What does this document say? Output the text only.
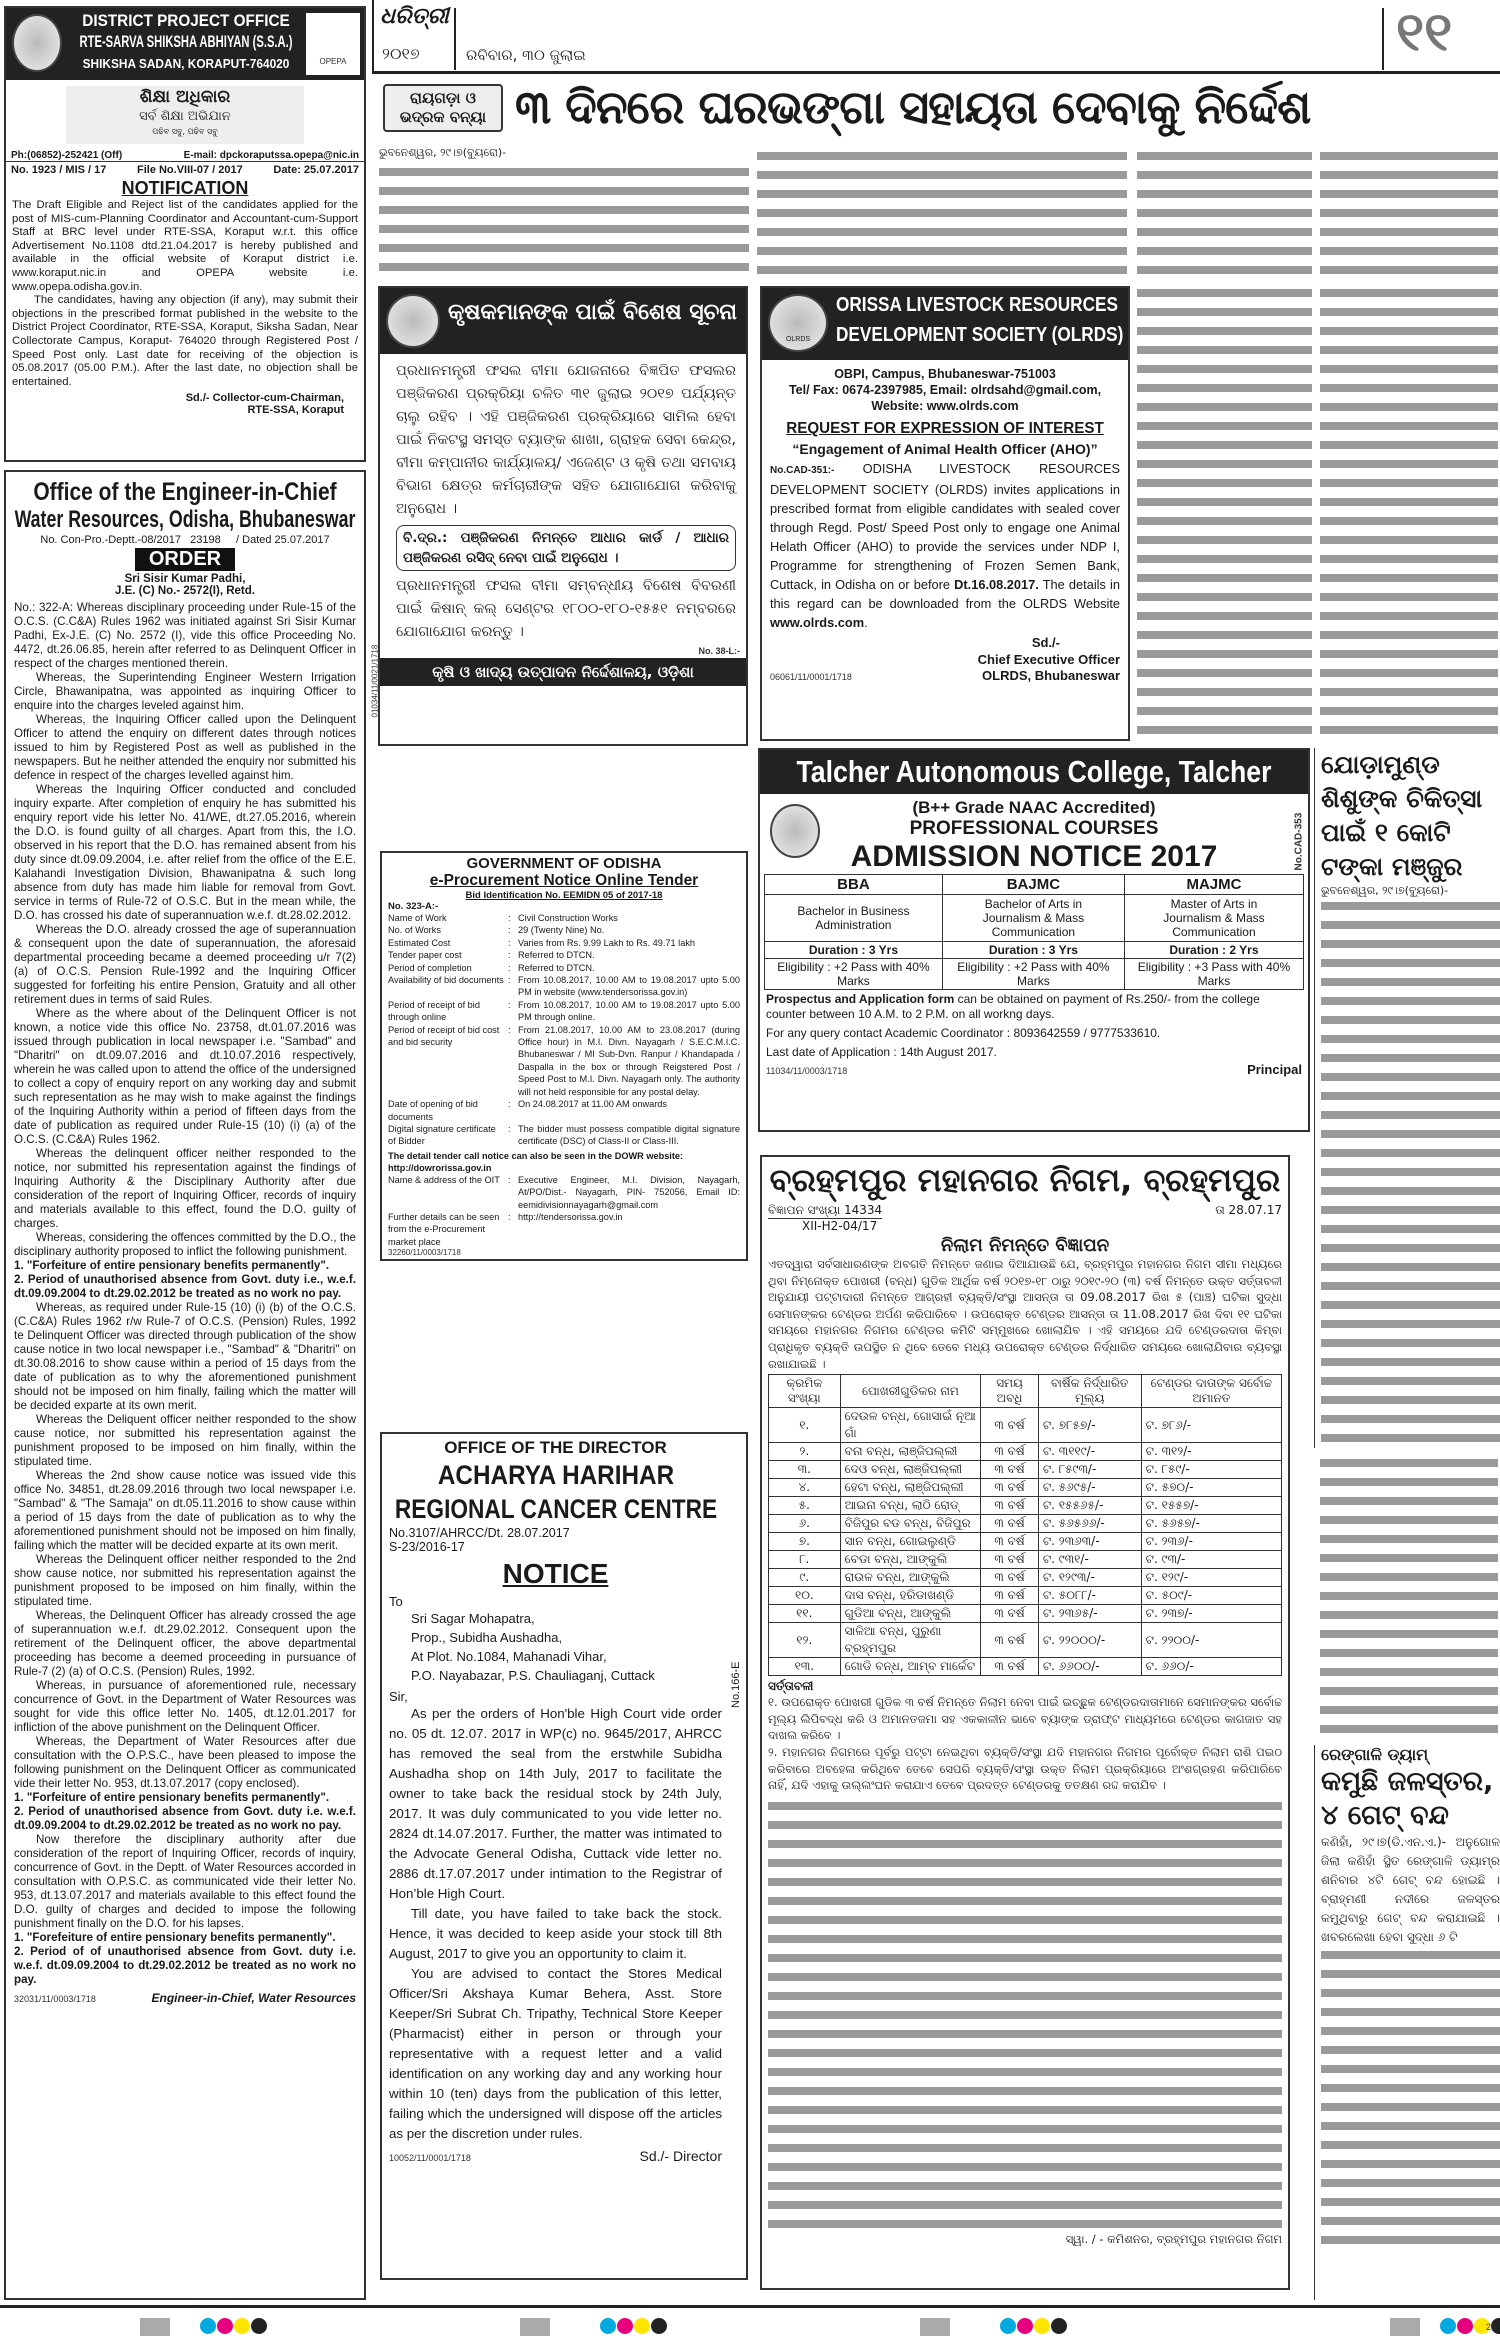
DISTRICT PROJECT OFFICE
RTE-SARVA SHIKSHA ABHIYAN (S.S.A.)
SHIKSHA SADAN, KORAPUT-764020	OPEPA
ଶିକ୍ଷା ଅଧିକାର
ସର୍ବ ଶିକ୍ଷା ଅଭିଯାନ
ପଢିବ ସବୁ, ପଢିବ ସବୁ
Ph:(06852)-252421 (Off)	E-mail: dpckoraputssa.opepa@nic.in
No. 1923 / MIS / 17	File No.VIII-07 / 2017	Date: 25.07.2017
NOTIFICATION

The Draft Eligible and Reject list of the candidates applied for the post of MIS-cum-Planning Coordinator and Accountant-cum-Support Staff at BRC level under RTE-SSA, Koraput w.r.t. this office Advertisement No.1108 dtd.21.04.2017 is hereby published and available in the official website of Koraput district i.e. www.koraput.nic.in and OPEPA website i.e. www.opepa.odisha.gov.in.

The candidates, having any objection (if any), may submit their objections in the prescribed format published in the website to the District Project Coordinator, RTE-SSA, Koraput, Siksha Sadan, Near Collectorate Campus, Koraput- 764020 through Registered Post / Speed Post only. Last date for receiving of the objection is 05.08.2017 (05.00 P.M.). After the last date, no objection shall be entertained.

Sd./- Collector-cum-Chairman,
RTE-SSA, Koraput
Office of the Engineer-in-Chief
Water Resources, Odisha, Bhubaneswar
No. Con-Pro.-Deptt.-08/2017   23198     / Dated 25.07.2017
ORDER
Sri Sisir Kumar Padhi,
J.E. (C) No.- 2572(I), Retd.

No.: 322-A: Whereas disciplinary proceeding under Rule-15 of the O.C.S. (C.C&A) Rules 1962 was initiated against Sri Sisir Kumar Padhi, Ex-J.E. (C) No. 2572 (I), vide this office Proceeding No. 4472, dt.26.06.85, herein after referred to as Delinquent Officer in respect of the charges mentioned therein.

Whereas, the Superintending Engineer Western Irrigation Circle, Bhawanipatna, was appointed as inquiring Officer to enquire into the charges leveled against him.

Whereas, the Inquiring Officer called upon the Delinquent Officer to attend the enquiry on different dates through notices issued to him by Registered Post as well as published in the newspapers. But he neither attended the enquiry nor submitted his defence in respect of the charges levelled against him.

Whereas the Inquiring Officer conducted and concluded inquiry exparte. After completion of enquiry he has submitted his enquiry report vide his letter No. 41/WE, dt.27.05.2016, wherein the D.O. is found guilty of all charges. Apart from this, the I.O. observed in his report that the D.O. has remained absent from his duty since dt.09.09.2004, i.e. after relief from the office of the E.E. Kalahandi Investigation Division, Bhawanipatna & such long absence from duty has made him liable for removal from Govt. service in terms of Rule-72 of O.S.C. But in the mean while, the D.O. has crossed his date of superannuation w.e.f. dt.28.02.2012.

Whereas the D.O. already crossed the age of superannuation & consequent upon the date of superannuation, the aforesaid departmental proceeding became a deemed proceeding u/r 7(2) (a) of O.C.S. Pension Rule-1992 and the Inquiring Officer suggested for forfeiting his entire Pension, Gratuity and all other retirement dues in terms of said Rules.

Where as the where about of the Delinquent Officer is not known, a notice vide this office No. 23758, dt.01.07.2016 was issued through publication in local newspaper i.e. "Sambad" and "Dharitri" on dt.09.07.2016 and dt.10.07.2016 respectively, wherein he was called upon to attend the office of the undersigned to collect a copy of enquiry report on any working day and submit such representation as he may wish to make against the findings of the Inquiring Authority within a period of fifteen days from the date of publication as required under Rule-15 (10) (i) (a) of the O.C.S. (C.C&A) Rules 1962.

Whereas the delinquent officer neither responded to the notice, nor submitted his representation against the findings of Inquiring Authority & the Disciplinary Authority after due consideration of the report of Inquiring Officer, records of inquiry and materials available to this effect, found the D.O. guilty of charges.

Whereas, considering the offences committed by the D.O., the disciplinary authority proposed to inflict the following punishment.

1. "Forfeiture of entire pensionary benefits permanently".

2. Period of unauthorised absence from Govt. duty i.e., w.e.f. dt.09.09.2004 to dt.29.02.2012 be treated as no work no pay.

Whereas, as required under Rule-15 (10) (i) (b) of the O.C.S. (C.C&A) Rules 1962 r/w Rule-7 of O.C.S. (Pension) Rules, 1992 te Delinquent Officer was directed through publication of the show cause notice in two local newspaper i.e., "Sambad" & "Dharitri" on dt.30.08.2016 to show cause within a period of 15 days from the date of publication as to why the aforementioned punishment should not be imposed on him finally, failing which the matter will be decided exparte at its own merit.

Whereas the Deliquent officer neither responded to the show cause notice, nor submitted his representation against the punishment proposed to be imposed on him finally, within the stipulated time.

Whereas the 2nd show cause notice was issued vide this office No. 34851, dt.28.09.2016 through two local newspaper i.e. "Sambad" & "The Samaja" on dt.05.11.2016 to show cause within a period of 15 days from the date of publication as to why the aforementioned punishment should not be imposed on him finally, failing which the matter will be decided exparte at its own merit.

Whereas the Delinquent officer neither responded to the 2nd show cause notice, nor submitted his representation against the punishment proposed to be imposed on him finally, within the stipulated time.

Whereas, the Delinquent Officer has already crossed the age of superannuation w.e.f. dt.29.02.2012. Consequent upon the retirement of the Delinquent officer, the above departmental proceeding has become a deemed proceeding in pursuance of Rule-7 (2) (a) of O.C.S. (Pension) Rules, 1992.

Whereas, in pursuance of aforementioned rule, necessary concurrence of Govt. in the Department of Water Resources was sought for vide this office letter No. 1405, dt.12.01.2017 for infliction of the above punishment on the Delinquent Officer.

Whereas, the Department of Water Resources after due consultation with the O.P.S.C., have been pleased to impose the following punishment on the Delinquent Officer as communicated vide their letter No. 953, dt.13.07.2017 (copy enclosed).

1. "Forfeiture of entire pensionary benefits permanently".

2. Period of unauthorised absence from Govt. duty i.e. w.e.f. dt.09.09.2004 to dt.29.02.2012 be treated as no work no pay.

Now therefore the disciplinary authority after due consideration of the report of Inquiring Officer, records of inquiry, concurrence of Govt. in the Deptt. of Water Resources accorded in consultation with O.P.S.C. as communicated vide their letter No. 953, dt.13.07.2017 and materials available to this effect found the D.O. guilty of charges and decided to impose the following punishment finally on the D.O. for his lapses.

1. "Forefeiture of entire pensionary benefits permanently".

2. Period of of unauthorised absence from Govt. duty i.e. w.e.f. dt.09.09.2004 to dt.29.02.2012 be treated as no work no pay.

32031/11/0003/1718	Engineer-in-Chief, Water Resources
ଧରିତ୍ରୀ
୨୦୧୭	ରବିବାର, ୩୦ ଜୁଲାଇ	୧୧
ରାୟଗଡ଼ା ଓ ଭଦ୍ରକ ବନ୍ୟା ୩ ଦିନରେ ଘରଭଙ୍ଗା ସହାୟତା ଦେବାକୁ ନିର୍ଦ୍ଦେଶ
ଭୁବନେଶ୍ୱର, ୨୯।୭(ବ୍ୟୁରୋ)-
କୃଷକମାନଙ୍କ ପାଇଁ ବିଶେଷ ସୂଚନା

ପ୍ରଧାନମନ୍ତ୍ରୀ ଫସଲ ବୀମା ଯୋଜନାରେ ବିଜ୍ଞପିତ ଫସଲର ପଞ୍ଜିକରଣ ପ୍ରକ୍ରିୟା ଚଳିତ ୩୧ ଜୁଲାଇ ୨୦୧୭ ପର୍ଯ୍ୟନ୍ତ ଚାଲୁ ରହିବ । ଏହି ପଞ୍ଜିକରଣ ପ୍ରକ୍ରିୟାରେ ସାମିଲ ହେବା ପାଇଁ ନିକଟସ୍ଥ ସମସ୍ତ ବ୍ୟାଙ୍କ ଶାଖା, ଗ୍ରାହକ ସେବା କେନ୍ଦ୍ର, ବୀମା କମ୍ପାନୀର କାର୍ଯ୍ୟାଳୟ/ ଏଜେଣ୍ଟ ଓ କୃଷି ତଥା ସମବାୟ ବିଭାଗ କ୍ଷେତ୍ର କର୍ମଚାରୀଙ୍କ ସହିତ ଯୋଗାଯୋଗ କରିବାକୁ ଅନୁରୋଧ ।

ବି.ଦ୍ର.: ପଞ୍ଜିକରଣ ନିମନ୍ତେ ଆଧାର କାର୍ଡ / ଆଧାର ପଞ୍ଜିକରଣ ରସିଦ୍ ନେବା ପାଇଁ ଅନୁରୋଧ ।

ପ୍ରଧାନମନ୍ତ୍ରୀ ଫସଲ ବୀମା ସମ୍ବନ୍ଧୀୟ ବିଶେଷ ବିବରଣୀ ପାଇଁ କିଷାନ୍ କଲ୍ ସେଣ୍ଟର ୧୮୦୦-୧୮୦-୧୫୫୧ ନମ୍ବରରେ ଯୋଗାଯୋଗ କରନ୍ତୁ ।

No. 38-L:-
କୃଷି ଓ ଖାଦ୍ୟ ଉତ୍ପାଦନ ନିର୍ଦ୍ଦେଶାଳୟ, ଓଡ଼ିଶା
01034/11/0021/1718
OLRDS
ORISSA LIVESTOCK RESOURCES
DEVELOPMENT SOCIETY (OLRDS)
OBPI, Campus, Bhubaneswar-751003
Tel/ Fax: 0674-2397985, Email: olrdsahd@gmail.com,
Website: www.olrds.com
REQUEST FOR EXPRESSION OF INTEREST
“Engagement of Animal Health Officer (AHO)”

No.CAD-351:- ODISHA LIVESTOCK RESOURCES DEVELOPMENT SOCIETY (OLRDS) invites applications in prescribed format from eligible candidates with sealed cover through Regd. Post/ Speed Post only to engage one Animal Helath Officer (AHO) to provide the services under NDP I, Programme for strengthening of Frozen Semen Bank, Cuttack, in Odisha on or before Dt.16.08.2017. The details in this regard can be downloaded from the OLRDS Website www.olrds.com.

Sd./-
Chief Executive Officer
06061/11/0001/1718	OLRDS, Bhubaneswar
GOVERNMENT OF ODISHA
e-Procurement Notice Online Tender
Bid Identification No. EEMIDN 05 of 2017-18
No. 323-A:-
Name of Work	: Civil Construction Works
No. of Works	: 29 (Twenty Nine) No.
Estimated Cost	: Varies from Rs. 9.99 Lakh to Rs. 49.71 lakh
Tender paper cost	: Referred to DTCN.
Period of completion	: Referred to DTCN.
Availability of bid documents : From 10.08.2017, 10.00 AM to 19.08.2017 upto 5.00 PM in website (www.tendersorissa.gov.in)
Period of receipt of bid through online
: From 10.08.2017, 10.00 AM to 19.08.2017 upto 5.00 PM through online.
Period of receipt of bid cost and bid security
: From 21.08.2017, 10.00 AM to 23.08.2017 (during Office hour) in M.I. Divn. Nayagarh / S.E.C.M.I.C. Bhubaneswar / MI Sub-Dvn. Ranpur / Khandapada / Daspalla in the box or through Reigstered Post / Speed Post to M.I. Divn. Nayagarh only. The authority will not held responsible for any postal delay.
Date of opening of bid documents
: On 24.08.2017 at 11.00 AM onwards
Digital signature certificate of Bidder
: The bidder must possess compatible digital signature certificate (DSC) of Class-II or Class-III.
The detail tender call notice can also be seen in the DOWR website: http://dowrorissa.gov.in
Name & address of the OIT : Executive Engineer, M.I. Division, Nayagarh, At/PO/Dist.- Nayagarh, PIN- 752056, Email ID: eemidivisionnayagarh@gmail.com
Further details can be seen from the e-Procurement market place
: http://tendersorissa.gov.in
32260/11/0003/1718
OFFICE OF THE DIRECTOR
ACHARYA HARIHAR
REGIONAL CANCER CENTRE
No.3107/AHRCC/Dt. 28.07.2017
S-23/2016-17
NOTICE
No.166-E
To
Sri Sagar Mohapatra,
Prop., Subidha Aushadha,
At Plot. No.1084, Mahanadi Vihar,
P.O. Nayabazar, P.S. Chauliaganj, Cuttack
Sir,

As per the orders of Hon'ble High Court vide order no. 05 dt. 12.07. 2017 in WP(c) no. 9645/2017, AHRCC has removed the seal from the erstwhile Subidha Aushadha shop on 14th July, 2017 to facilitate the owner to take back the residual stock by 24th July, 2017. It was duly communicated to you vide letter no. 2824 dt.14.07.2017. Further, the matter was intimated to the Advocate General Odisha, Cuttack vide letter no. 2886 dt.17.07.2017 under intimation to the Registrar of Hon’ble High Court.

Till date, you have failed to take back the stock. Hence, it was decided to keep aside your stock till 8th August, 2017 to give you an opportunity to claim it.

You are advised to contact the Stores Medical Officer/Sri Akshaya Kumar Behera, Asst. Store Keeper/Sri Subrat Ch. Tripathy, Technical Store Keeper (Pharmacist) either in person or through your representative with a request letter and a valid identification on any working day and any working hour within 10 (ten) days from the publication of this letter, failing which the undersigned will dispose off the articles as per the discretion under rules.

10052/11/0001/1718	Sd./- Director
Talcher Autonomous College, Talcher
No.CAD-353
(B++ Grade NAAC Accredited)
PROFESSIONAL COURSES
ADMISSION NOTICE 2017
BBA	BAJMC	MAJMC
Bachelor in Business Administration	Bachelor of Arts in Journalism & Mass Communication	Master of Arts in Journalism & Mass Communication
Duration : 3 Yrs	Duration : 3 Yrs	Duration : 2 Yrs
Eligibility : +2 Pass with 40% Marks	Eligibility : +2 Pass with 40% Marks	Eligibility : +3 Pass with 40% Marks

Prospectus and Application form can be obtained on payment of Rs.250/- from the college counter between 10 A.M. to 2 P.M. on all workng days.

For any query contact Academic Coordinator : 8093642559 / 9777533610.

Last date of Application : 14th August 2017.

11034/11/0003/1718	Principal
ବ୍ରହ୍ମପୁର ମହାନଗର ନିଗମ, ବ୍ରହ୍ମପୁର
ବିଜ୍ଞାପନ ସଂଖ୍ୟା 14334
XII-H2-04/17
ତା 28.07.17
ନିଲାମ ନିମନ୍ତେ ବିଜ୍ଞାପନ

ଏତଦ୍ୱାରା ସର୍ବସାଧାରଣଙ୍କ ଅବଗତି ନିମନ୍ତେ ଜଣାଇ ଦିଆଯାଉଛି ଯେ, ବ୍ରହ୍ମପୁର ମହାନଗର ନିଗମ ସୀମା ମଧ୍ୟରେ ଥିବା ନିମ୍ନୋକ୍ତ ପୋଖରୀ (ବନ୍ଧ) ଗୁଡିକ ଆର୍ଥିକ ବର୍ଷ ୨୦୧୭-୧୮ ଠାରୁ ୨୦୧୯-୨୦ (୩) ବର୍ଷ ନିମନ୍ତେ ଉକ୍ତ ସର୍ତ୍ତାବଳୀ ଅନୁଯାୟୀ ପଟ୍ଟାଦାରୀ ନିମନ୍ତେ ଆଗ୍ରହୀ ବ୍ୟକ୍ତି/ସଂସ୍ଥା ଆସନ୍ତା ତା 09.08.2017 ରିଖ ୫ (ପାଞ୍ଚ) ଘଟିକା ସୁଦ୍ଧା ସେମାନଙ୍କର ଟେଣ୍ଡର ଅର୍ପଣ କରିପାରିବେ । ଉପରୋକ୍ତ ଟେଣ୍ଡର ଆସନ୍ତା ତା 11.08.2017 ରିଖ ଦିବା ୧୧ ଘଟିକା ସମୟରେ ମହାନଗର ନିଗମର ଟେଣ୍ଡର କମିଟି ସମ୍ମୁଖରେ ଖୋଲାଯିବ । ଏହି ସମୟରେ ଯଦି ଟେଣ୍ଡରଦାତା କିମ୍ବା ପ୍ରାଧିକୃତ ବ୍ୟକ୍ତି ଉପସ୍ଥିତ ନ ଥିବେ ତେବେ ମଧ୍ୟ ଉପରୋକ୍ତ ଟେଣ୍ଡର ନିର୍ଦ୍ଧାରିତ ସମୟରେ ଖୋଲାଯିବାର ବ୍ୟବସ୍ଥା ରଖାଯାଇଛି ।

କ୍ରମିକ ସଂଖ୍ୟା	ପୋଖରୀଗୁଡିକର ନାମ	ସମୟ ଅବଧି	ବାର୍ଷିକ ନିର୍ଦ୍ଧାରିତ ମୂଲ୍ୟ	ଟେଣ୍ଡର ଦାତାଙ୍କ ସର୍ବୋଚ୍ଚ ଅମାନତ
୧.	ଦେଉଳ ବନ୍ଧ, ଗୋସାଇଁ ନୂଆ ଗାଁ	୩ ବର୍ଷ	ଟ. ୭୮୫୭/-	ଟ. ୭୮୬/-
୨.	ବନା ବନ୍ଧ, ଲାଞ୍ଜିପଲ୍ଲୀ	୩ ବର୍ଷ	ଟ. ୩୧୧୯/-	ଟ. ୩୧୨/-
୩.	ଦେଓ ବନ୍ଧ, ଲାଞ୍ଜିପଲ୍ଲୀ	୩ ବର୍ଷ	ଟ. ୮୫୯୩/-	ଟ. ୮୫୯/-
୪.	ହେଟା ବନ୍ଧ, ଲାଞ୍ଜିପଲ୍ଲୀ	୩ ବର୍ଷ	ଟ. ୫୬୯୫/-	ଟ. ୫୭୦/-
୫.	ଆଇନା ବନ୍ଧ, ଲାଠି ରୋଡ୍	୩ ବର୍ଷ	ଟ. ୧୫୫୬୫/-	ଟ. ୧୫୫୭/-
୬.	ବିଜିପୁର ବଡ ବନ୍ଧ, ବିଜିପୁର	୩ ବର୍ଷ	ଟ. ୫୬୫୬୬/-	ଟ. ୫୬୫୭/-
୭.	ସାନ ବନ୍ଧ, ଗୋଇଲୁଣ୍ଡି	୩ ବର୍ଷ	ଟ. ୨୩୬୩/-	ଟ. ୨୩୬/-
୮.	ବେଡା ବନ୍ଧ, ଆଙ୍କୁଲି	୩ ବର୍ଷ	ଟ. ୯୩୧/-	ଟ. ୯୩/-
୯.	ରାଉଳ ବନ୍ଧ, ଆଙ୍କୁଲି	୩ ବର୍ଷ	ଟ. ୧୨୯୩/-	ଟ. ୧୨୯/-
୧୦.	ଦାସ ବନ୍ଧ, ହରିଡାଖଣ୍ଡି	୩ ବର୍ଷ	ଟ. ୫୦୮୮/-	ଟ. ୫୦୯/-
୧୧.	ଗୁଡିଆ ବନ୍ଧ, ଆଙ୍କୁଲି	୩ ବର୍ଷ	ଟ. ୨୩୬୫/-	ଟ. ୨୩୭/-
୧୨.	ସାଳିଆ ବନ୍ଧ, ପୁରୁଣା ବ୍ରହ୍ମପୁର	୩ ବର୍ଷ	ଟ. ୨୨୦୦୦/-	ଟ. ୨୨୦୦/-
୧୩.	ଗୋଡି ବନ୍ଧ, ଆମ୍ବ ମାର୍କେଟ	୩ ବର୍ଷ	ଟ. ୬୬୦୦/-	ଟ. ୬୬୦/-
ସର୍ତ୍ତାବଳୀ

୧. ଉପରୋକ୍ତ ପୋଖରୀ ଗୁଡିକ ୩ ବର୍ଷ ନିମନ୍ତେ ନିଲାମ ନେବା ପାଇଁ ଇଚ୍ଛୁକ ଟେଣ୍ଡରଦାତାମାନେ ସେମାନଙ୍କର ସର୍ବୋଚ୍ଚ ମୂଲ୍ୟ ଲିପିବଦ୍ଧ କରି ଓ ଅମାନତଜମା ସହ ଏକକାଳୀନ ଭାବେ ବ୍ୟାଙ୍କ ଡ୍ରାଫ୍ଟ ମାଧ୍ୟମରେ ଟେଣ୍ଡର କାଗଜାତ ସହ ଦାଖଲ କରିବେ ।

୨. ମହାନଗର ନିଗମରେ ପୂର୍ବରୁ ପଟ୍ଟା ନେଇଥିବା ବ୍ୟକ୍ତି/ସଂସ୍ଥା ଯଦି ମହାନଗର ନିଗମର ପୂର୍ବୋକ୍ତ ନିଲାମ ରାଶି ପଇଠ କରିବାରେ ଅବହେଳା କରିଥିବେ ତେବେ ସେପରି ବ୍ୟକ୍ତି/ସଂସ୍ଥା ଉକ୍ତ ନିଲାମ ପ୍ରକ୍ରିୟାରେ ଅଂଶଗ୍ରହଣ କରିପାରିବେ ନାହିଁ, ଯଦି ଏହାକୁ ଉଲ୍ଲଂଘନ କରାଯାଏ ତେବେ ପ୍ରଦତ୍ତ ଟେଣ୍ଡରକୁ ତତକ୍ଷଣ ରଦ୍ଦ କରାଯିବ ।

ସ୍ୱା. / - କମିଶନର, ବ୍ରହ୍ମପୁର ମହାନଗର ନିଗମ
ଯୋଡ଼ାମୁଣ୍ଡ ଶିଶୁଙ୍କ ଚିକିତ୍ସା ପାଇଁ ୧ କୋଟି ଟଙ୍କା ମଞ୍ଜୁର
ଭୁବନେଶ୍ୱର, ୨୯।୭(ବ୍ୟୁରୋ)-
ରେଙ୍ଗାଳି ଡ୍ୟାମ୍
କମୁଛି ଜଳସ୍ତର,
୪ ଗେଟ୍ ବନ୍ଦ

କଣିହାଁ, ୨୯।୭(ଡି.ଏନ.ଏ.)- ଅନୁଗୋଳ ଜିଲା କଣିହାଁ ସ୍ଥିତ ରେଙ୍ଗାଳି ଡ୍ୟାମ୍‌ର ଶନିବାର ୪ଟି ଗେଟ୍ ବନ୍ଦ ହୋଇଛି । ବ୍ରାହ୍ମଣୀ ନଦୀରେ ଜଳସ୍ତର କମୁଥିବାରୁ ଗେଟ୍ ବନ୍ଦ କରାଯାଇଛି । ଖବରଲେଖା ହେବା ସୁଦ୍ଧା ୬ ଟି

25
